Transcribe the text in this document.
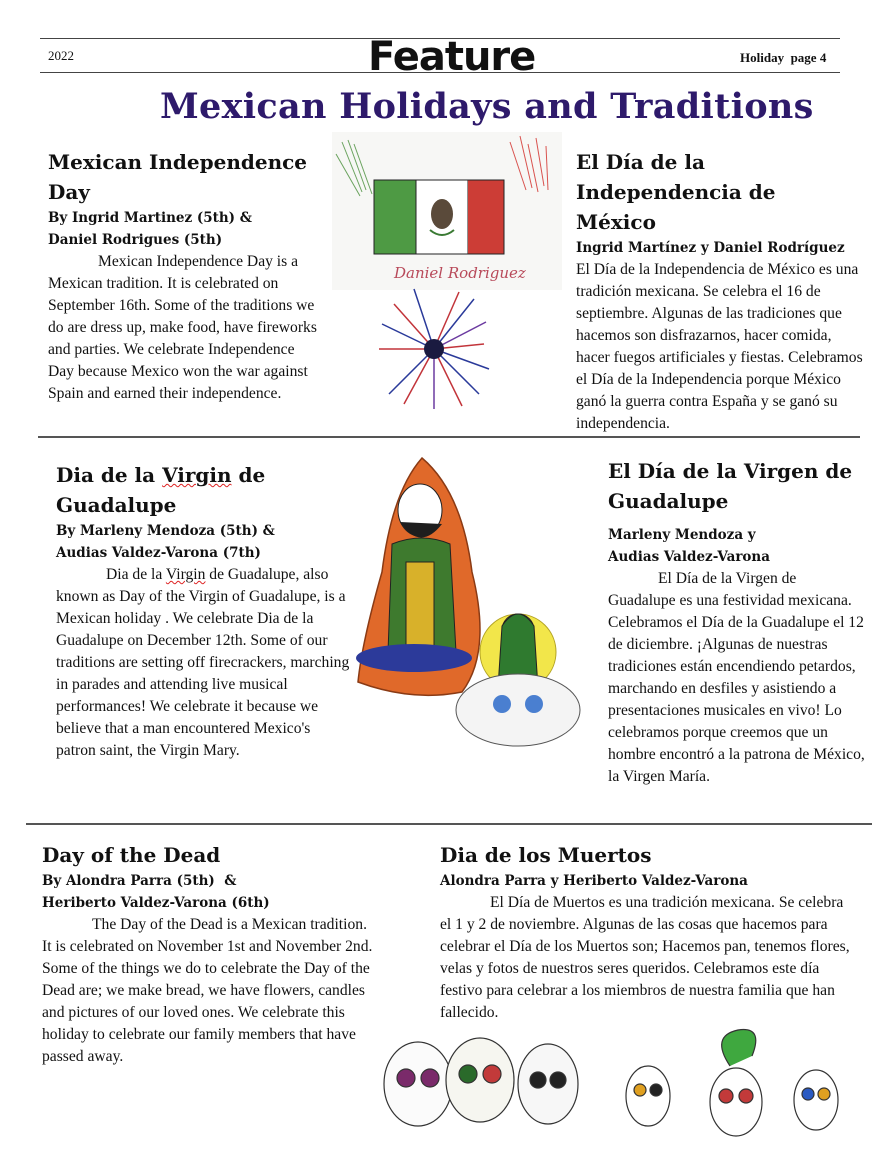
2022	Feature	Holiday  page 4
Mexican Holidays and Traditions
Mexican Independence Day
By Ingrid Martinez (5th) &
Daniel Rodrigues (5th)
Mexican Independence Day is a Mexican tradition. It is celebrated on September 16th. Some of the traditions we do are dress up, make food, have fireworks and parties. We celebrate Independence Day because Mexico won the war against Spain and earned their independence.
Daniel Rodriguez
El Día de la Independencia de México
Ingrid Martínez y Daniel Rodríguez
El Día de la Independencia de México es una tradición mexicana. Se celebra el 16 de septiembre. Algunas de las tradiciones que hacemos son disfrazarnos, hacer comida, hacer fuegos artificiales y fiestas. Celebramos el Día de la Independencia porque México ganó la guerra contra España y se ganó su independencia.
Dia de la Virgin de Guadalupe
By Marleny Mendoza (5th) &
Audias Valdez-Varona (7th)
Dia de la Virgin de Guadalupe, also known as Day of the Virgin of Guadalupe, is a Mexican holiday . We celebrate Dia de la Guadalupe on December 12th. Some of our traditions are setting off firecrackers, marching in parades and attending live musical performances! We celebrate it because we believe that a man encountered Mexico's patron saint, the Virgin Mary.
El Día de la Virgen de Guadalupe
Marleny Mendoza y
Audias Valdez-Varona
El Día de la Virgen de Guadalupe es una festividad mexicana. Celebramos el Día de la Guadalupe el 12 de diciembre. ¡Algunas de nuestras tradiciones están encendiendo petardos, marchando en desfiles y asistiendo a presentaciones musicales en vivo! Lo celebramos porque creemos que un hombre encontró a la patrona de México, la Virgen María.
Day of the Dead
By Alondra Parra (5th)  &
Heriberto Valdez-Varona (6th)
The Day of the Dead is a Mexican tradition. It is celebrated on November 1st and November 2nd. Some of the things we do to celebrate the Day of the Dead are; we make bread, we have flowers, candles and pictures of our loved ones. We celebrate this holiday to celebrate our family members that have passed away.
Dia de los Muertos
Alondra Parra y Heriberto Valdez-Varona
El Día de Muertos es una tradición mexicana. Se celebra el 1 y 2 de noviembre. Algunas de las cosas que hacemos para celebrar el Día de los Muertos son; Hacemos pan, tenemos flores, velas y fotos de nuestros seres queridos. Celebramos este día festivo para celebrar a los miembros de nuestra familia que han fallecido.
